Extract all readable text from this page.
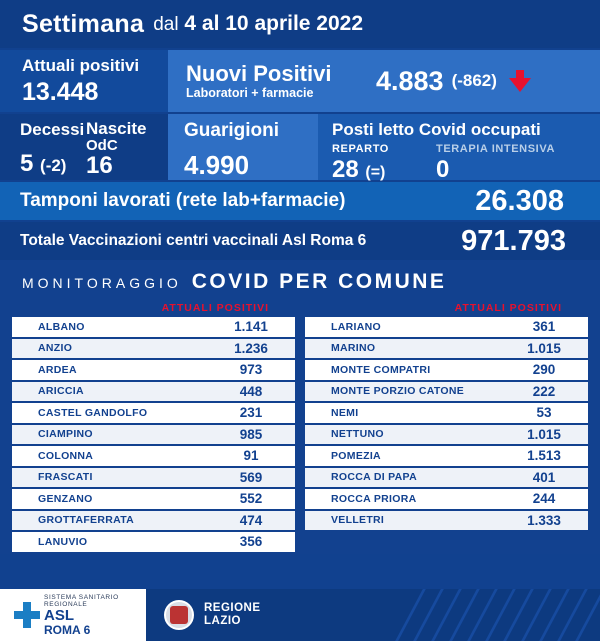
Settimana dal 4 al 10 aprile 2022
Attuali positivi
13.448
Nuovi Positivi
Laboratori + farmacie	4.883 (-862)
Decessi
5 (-2)
Nascite
OdC
16
Guarigioni
4.990
Posti letto Covid occupati
REPARTO
28 (=)
TERAPIA INTENSIVA
0
Tamponi lavorati (rete lab+farmacie)	26.308
Totale Vaccinazioni centri vaccinali Asl Roma 6	971.793
MONITORAGGIO COVID PER COMUNE
ATTUALI POSITIVI
ALBANO	1.141
ANZIO	1.236
ARDEA	973
ARICCIA	448
CASTEL GANDOLFO	231
CIAMPINO	985
COLONNA	91
FRASCATI	569
GENZANO	552
GROTTAFERRATA	474
LANUVIO	356
ATTUALI POSITIVI
LARIANO	361
MARINO	1.015
MONTE COMPATRI	290
MONTE PORZIO CATONE	222
NEMI	53
NETTUNO	1.015
POMEZIA	1.513
ROCCA DI PAPA	401
ROCCA PRIORA	244
VELLETRI	1.333
SISTEMA SANITARIO REGIONALE
ASL
ROMA 6
REGIONE
LAZIO
